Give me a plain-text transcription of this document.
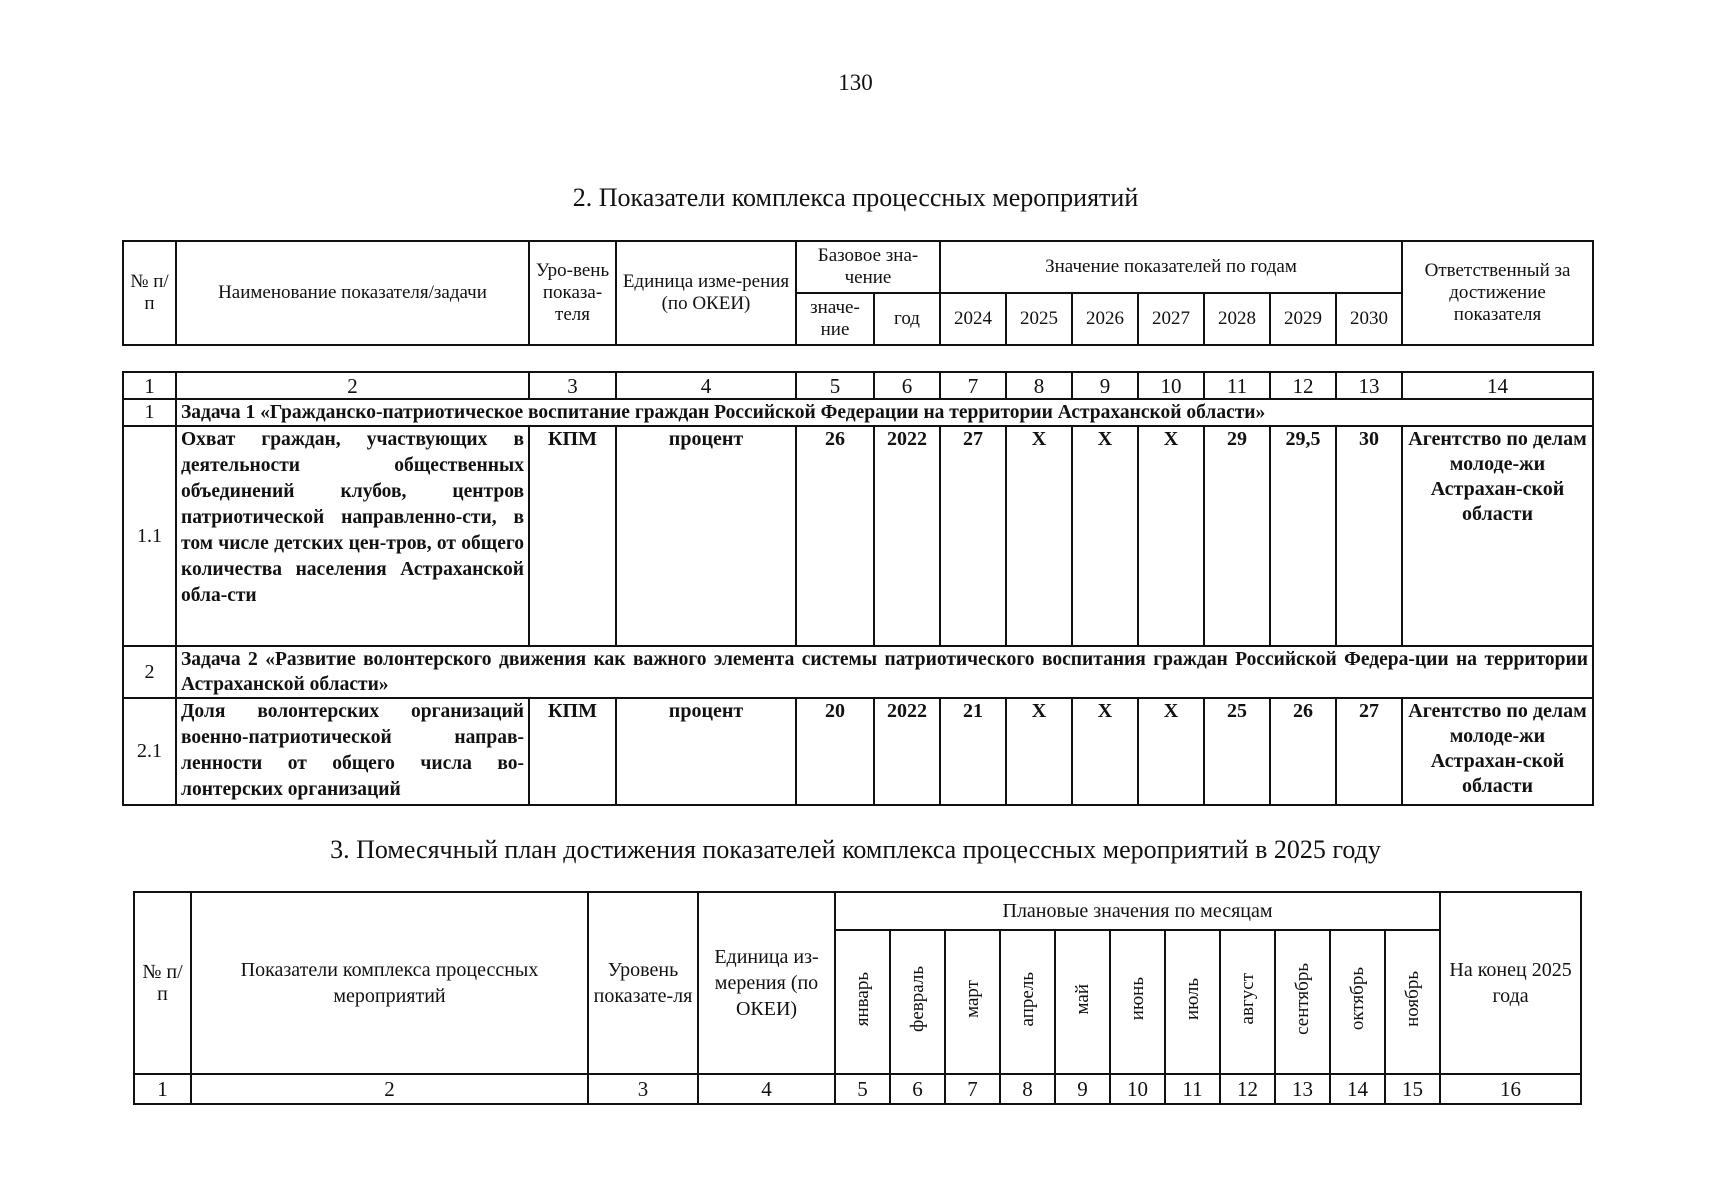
130
2. Показатели комплекса процессных мероприятий
№ п/п	Наименование показателя/задачи	Уро-вень показа-теля	Единица изме-рения (по ОКЕИ)	Базовое зна-чение		Значение показателей по годам							Ответственный за достижение показателя
				значе-ние	год	2024	2025	2026	2027	2028	2029	2030	
1	2	3	4	5	6	7	8	9	10	11	12	13	14
1	Задача 1 «Гражданско-патриотическое воспитание граждан Российской Федерации на территории Астраханской области»												
1.1	Охват граждан, участвующих в деятельности общественных объединений клубов, центров патриотической направленно-сти, в том числе детских цен-тров, от общего количества населения Астраханской обла-сти	КПМ	процент	26	2022	27	Х	Х	Х	29	29,5	30	Агентство по делам молоде-жи Астрахан-ской области
2	Задача 2 «Развитие волонтерского движения как важного элемента системы патриотического воспитания граждан Российской Федера-ции на территории Астраханской области»												
2.1	Доля волонтерских организаций военно-патриотической направ-ленности от общего числа во-лонтерских организаций	КПМ	процент	20	2022	21	Х	Х	Х	25	26	27	Агентство по делам молоде-жи Астрахан-ской области
3. Помесячный план достижения показателей комплекса процессных мероприятий в 2025 году
№ п/п	Показатели комплекса процессных мероприятий	Уровень показате-ля	Единица из-мерения (по ОКЕИ)	Плановые значения по месяцам											На конец 2025 года
				январь	февраль	март	апрель	май	июнь	июль	август	сентябрь	октябрь	ноябрь	
1	2	3	4	5	6	7	8	9	10	11	12	13	14	15	16
